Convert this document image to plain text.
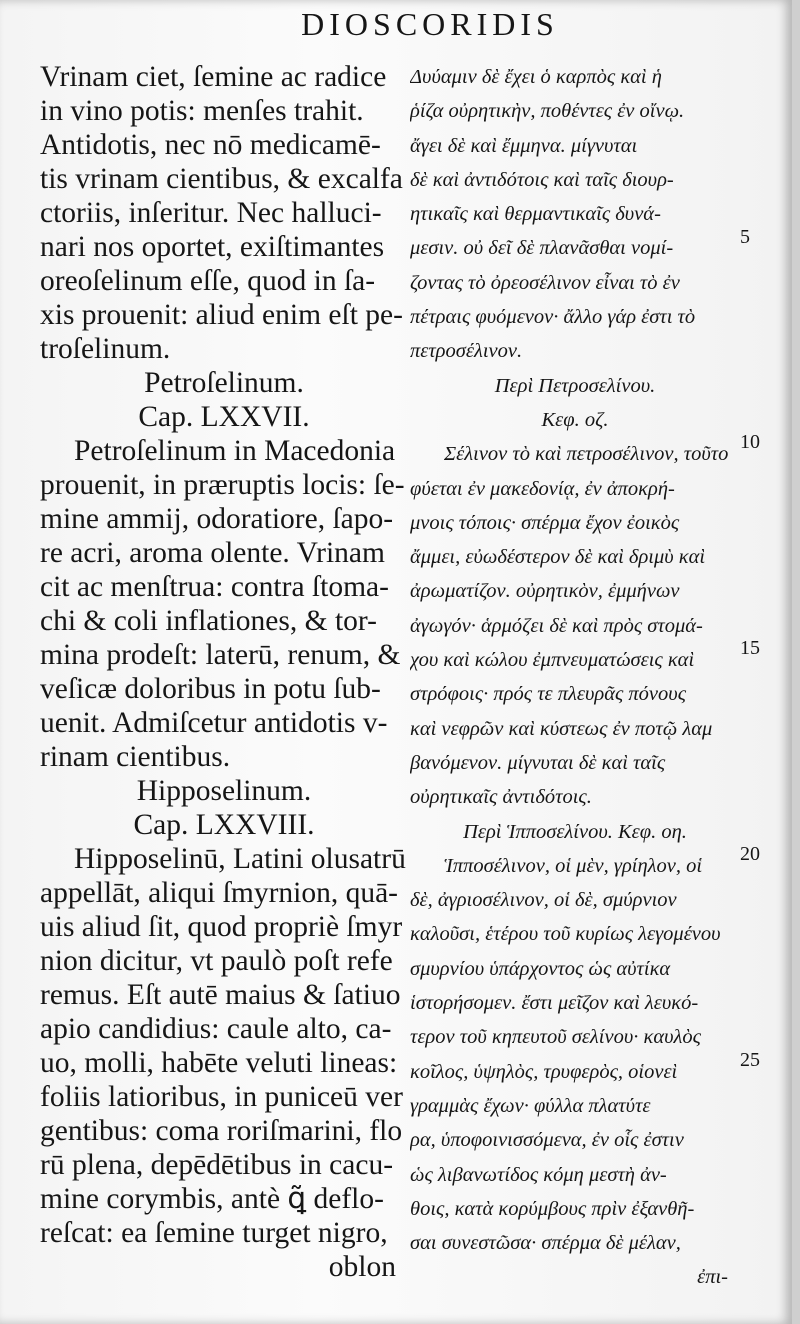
DIOSCORIDIS
Vrinam ciet, ſemine ac radice
in vino potis: menſes trahit.
Antidotis, nec nō medicamē-
tis vrinam cientibus, & excalfa
ctoriis, inſeritur. Nec halluci-
nari nos oportet, exiſtimantes
oreoſelinum eſſe, quod in ſa-
xis prouenit: aliud enim eſt pe-
troſelinum.
Petroſelinum.
Cap. LXXVII.
Petroſelinum in Macedonia
prouenit, in præruptis locis: ſe-
mine ammij, odoratiore, ſapo-
re acri, aroma olente. Vrinam
cit ac menſtrua: contra ſtoma-
chi & coli inflationes, & tor-
mina prodeſt: laterū, renum, &
veſicæ doloribus in potu ſub-
uenit. Admiſcetur antidotis v-
rinam cientibus.
Hipposelinum.
Cap. LXXVIII.
Hipposelinū, Latini olusatrū
appellāt, aliqui ſmyrnion, quā-
uis aliud ſit, quod propriè ſmyr
nion dicitur, vt paulò poſt refe
remus. Eſt autē maius & ſatiuo
apio candidius: caule alto, ca-
uo, molli, habēte veluti lineas:
foliis latioribus, in puniceū ver
gentibus: coma roriſmarini, flo
rū plena, depēdētibus in cacu-
mine corymbis, antè ꝗ̃ deflo-
reſcat: ea ſemine turget nigro,
oblon
Δυύαμιν δὲ ἔχει ὁ καρπὸς καὶ ἡ
ῥίζα οὐρητικὴν, ποθέντες ἐν οἴνῳ.
ἄγει δὲ καὶ ἔμμηνα. μίγνυται
δὲ καὶ ἀντιδότοις καὶ ταῖς διουρ-
ητικαῖς καὶ θερμαντικαῖς δυνά-
μεσιν. οὐ δεῖ δὲ πλανᾶσθαι νομί-
ζοντας τὸ ὀρεοσέλινον εἶναι τὸ ἐν
πέτραις φυόμενον· ἄλλο γάρ ἐστι τὸ
πετροσέλινον.
Περὶ Πετροσελίνου.
Κεφ. οζ.
Σέλινον τὸ καὶ πετροσέλινον, τοῦτο
φύεται ἐν μακεδονίᾳ, ἐν ἀποκρή-
μνοις τόποις· σπέρμα ἔχον ἐοικὸς
ἄμμει, εὐωδέστερον δὲ καὶ δριμὺ καὶ
ἀρωματίζον. οὐρητικὸν, ἐμμήνων
ἀγωγόν· ἁρμόζει δὲ καὶ πρὸς στομά-
χου καὶ κώλου ἐμπνευματώσεις καὶ
στρόφοις· πρός τε πλευρᾶς πόνους
καὶ νεφρῶν καὶ κύστεως ἐν ποτῷ λαμ
βανόμενον. μίγνυται δὲ καὶ ταῖς
οὐρητικαῖς ἀντιδότοις.
Περὶ Ἱπποσελίνου. Κεφ. οη.
Ἱπποσέλινον, οἱ μὲν, γρίηλον, οἱ
δὲ, ἀγριοσέλινον, οἱ δὲ, σμύρνιον
καλοῦσι, ἑτέρου τοῦ κυρίως λεγομένου
σμυρνίου ὑπάρχοντος ὡς αὐτίκα
ἱστορήσομεν. ἔστι μεῖζον καὶ λευκό-
τερον τοῦ κηπευτοῦ σελίνου· καυλὸς
κοῖλος, ὑψηλὸς, τρυφερὸς, οἱονεὶ
γραμμὰς ἔχων· φύλλα πλατύτε
ρα, ὑποφοινισσόμενα, ἐν οἷς ἐστιν
ὡς λιβανωτίδος κόμη μεστὴ ἀν-
θοις, κατὰ κορύμβους πρὶν ἐξανθῆ-
σαι συνεστῶσα· σπέρμα δὲ μέλαν,
ἐπι-
5
10
15
20
25
